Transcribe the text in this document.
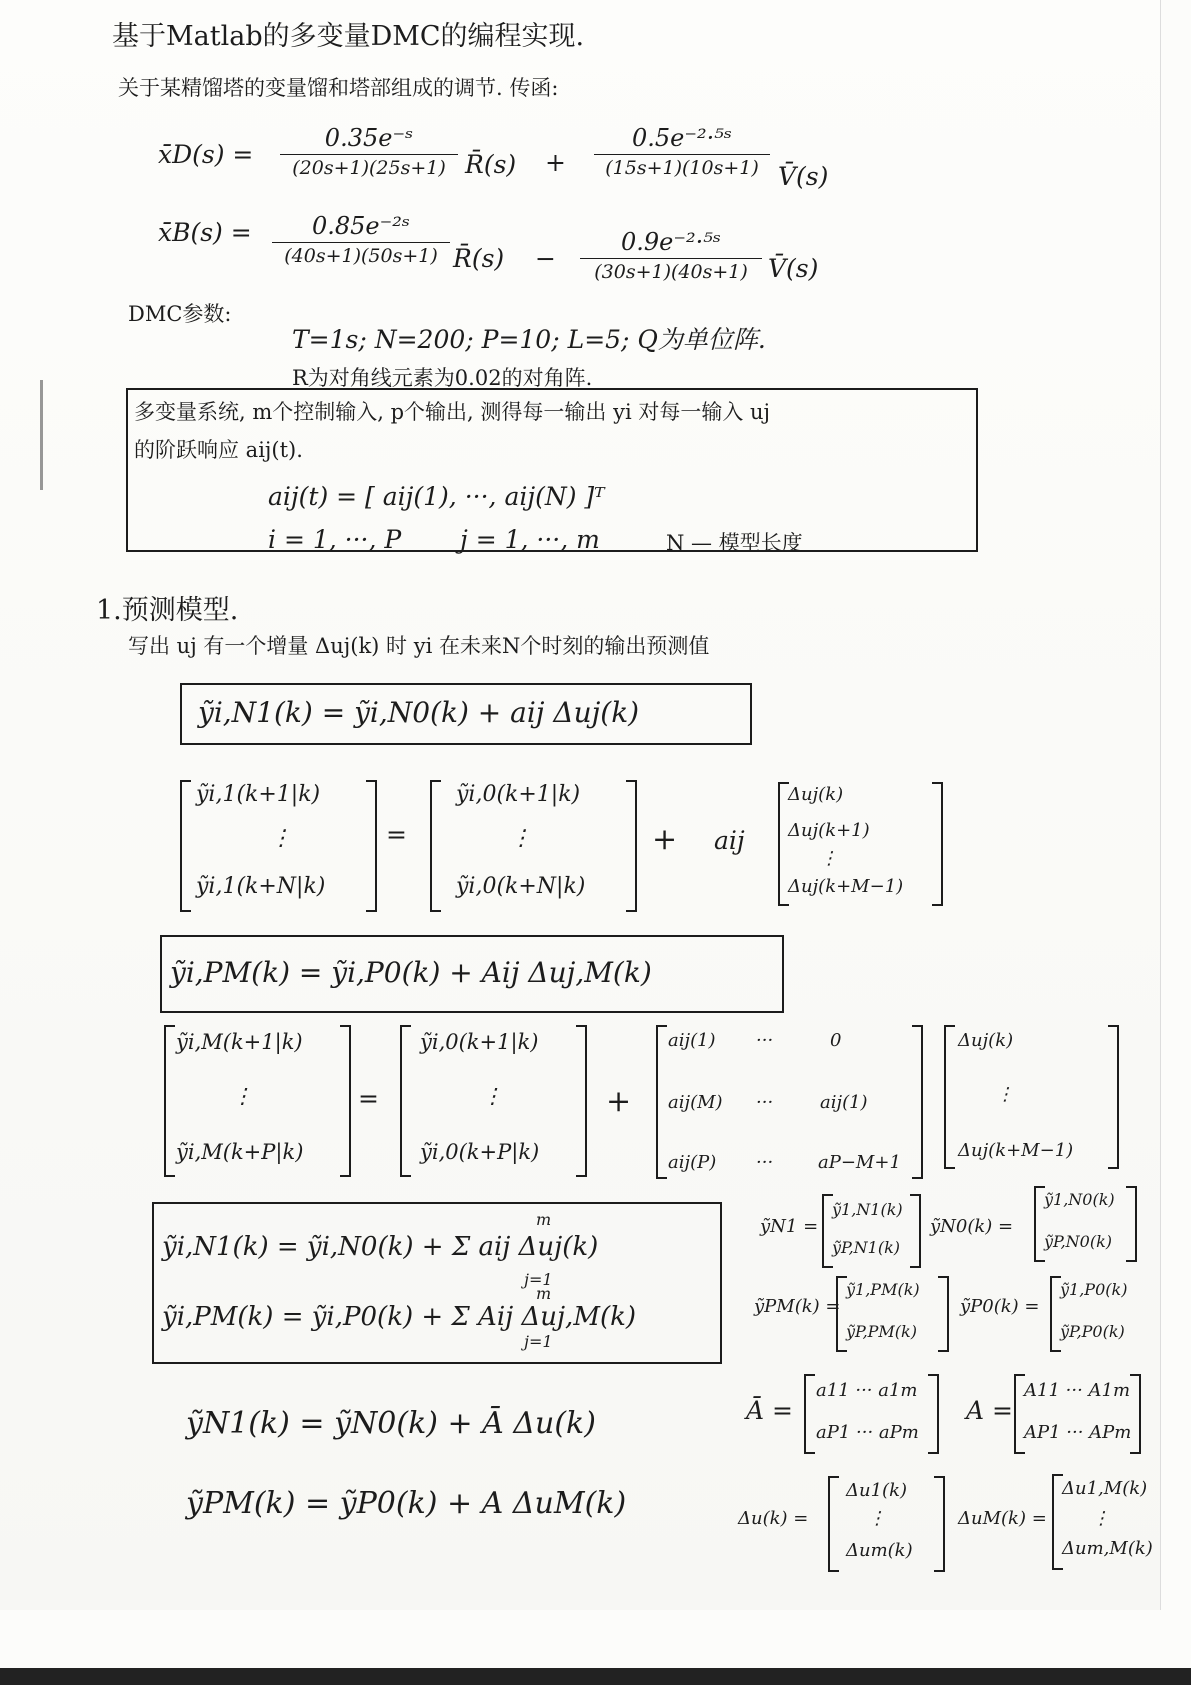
基于Matlab的多变量DMC的编程实现.
关于某精馏塔的变量馏和塔部组成的调节. 传函:
x̄D(s) =
0.35e⁻ˢ
(20s+1)(25s+1) R̄(s) +
0.5e⁻²·⁵ˢ
(15s+1)(10s+1) V̄(s)
x̄B(s) =	0.85e⁻²ˢ
(40s+1)(50s+1) R̄(s) −
0.9e⁻²·⁵ˢ
(30s+1)(40s+1) V̄(s)
DMC参数:
T=1s; N=200; P=10; L=5; Q为单位阵.
R为对角线元素为0.02的对角阵.
多变量系统, m个控制输入, p个输出, 测得每一输出 yi 对每一输入 uj
的阶跃响应 aij(t).
aij(t) = [ aij(1), ···, aij(N) ]ᵀ
i = 1, ···, P j = 1, ···, m	N — 模型长度
1.预测模型.
写出 uj 有一个增量 Δuj(k) 时 yi 在未来N个时刻的输出预测值
ỹi,N1(k) = ỹi,N0(k) + aij Δuj(k)
ỹi,1(k+1|k)
⋮
ỹi,1(k+N|k)
=
ỹi,0(k+1|k)
⋮
ỹi,0(k+N|k)
+ aij
Δuj(k)
Δuj(k+1)
⋮
Δuj(k+M−1)
ỹi,PM(k) = ỹi,P0(k) + Aij Δuj,M(k)
ỹi,M(k+1|k)
⋮
ỹi,M(k+P|k)
=
ỹi,0(k+1|k)
⋮
ỹi,0(k+P|k)
+
aij(1) ···	0
aij(M) ···	aij(1)
aij(P) ··· aP−M+1
Δuj(k)
⋮
Δuj(k+M−1)
ỹi,N1(k) = ỹi,N0(k) + Σ aij Δuj(k)
ỹi,PM(k) = ỹi,P0(k) + Σ Aij Δuj,M(k)
m
j=1
m
j=1
ỹN1 =
ỹ1,N1(k)
ỹP,N1(k)
ỹN0(k) =
ỹ1,N0(k)
ỹP,N0(k)
ỹPM(k) =
ỹ1,PM(k)
ỹP,PM(k)
ỹP0(k) =
ỹ1,P0(k)
ỹP,P0(k)
ỹN1(k) = ỹN0(k) + Ā Δu(k)
ỹPM(k) = ỹP0(k) + A ΔuM(k)
Ā =
a11 ··· a1m
aP1 ··· aPm
A =
A11 ··· A1m
AP1 ··· APm
Δu(k) =
Δu1(k)
⋮
Δum(k)
ΔuM(k) =
Δu1,M(k)
⋮
Δum,M(k)
